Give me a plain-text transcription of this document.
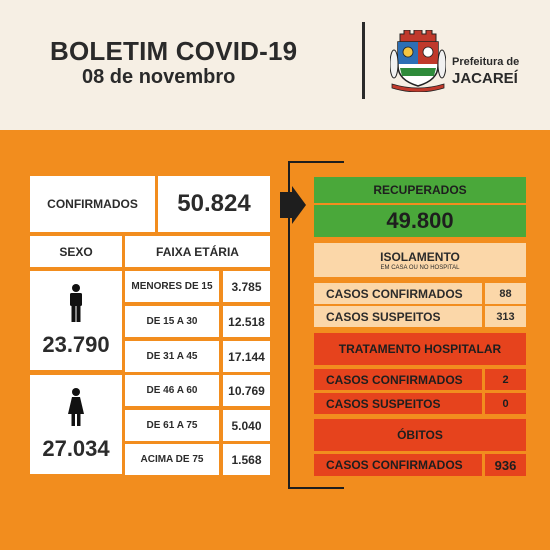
BOLETIM COVID-19
08 de novembro
Prefeitura de
JACAREÍ
CONFIRMADOS	50.824
SEXO	FAIXA ETÁRIA
23.790
27.034
MENORES DE 15	3.785
DE 15 A 30	12.518
DE 31 A 45	17.144
DE 46 A 60	10.769
DE 61 A 75	5.040
ACIMA DE 75	1.568
RECUPERADOS
49.800
ISOLAMENTO
EM CASA OU NO HOSPITAL
CASOS CONFIRMADOS	88
CASOS SUSPEITOS	313
TRATAMENTO HOSPITALAR
CASOS CONFIRMADOS	2
CASOS SUSPEITOS	0
ÓBITOS
CASOS CONFIRMADOS	936
